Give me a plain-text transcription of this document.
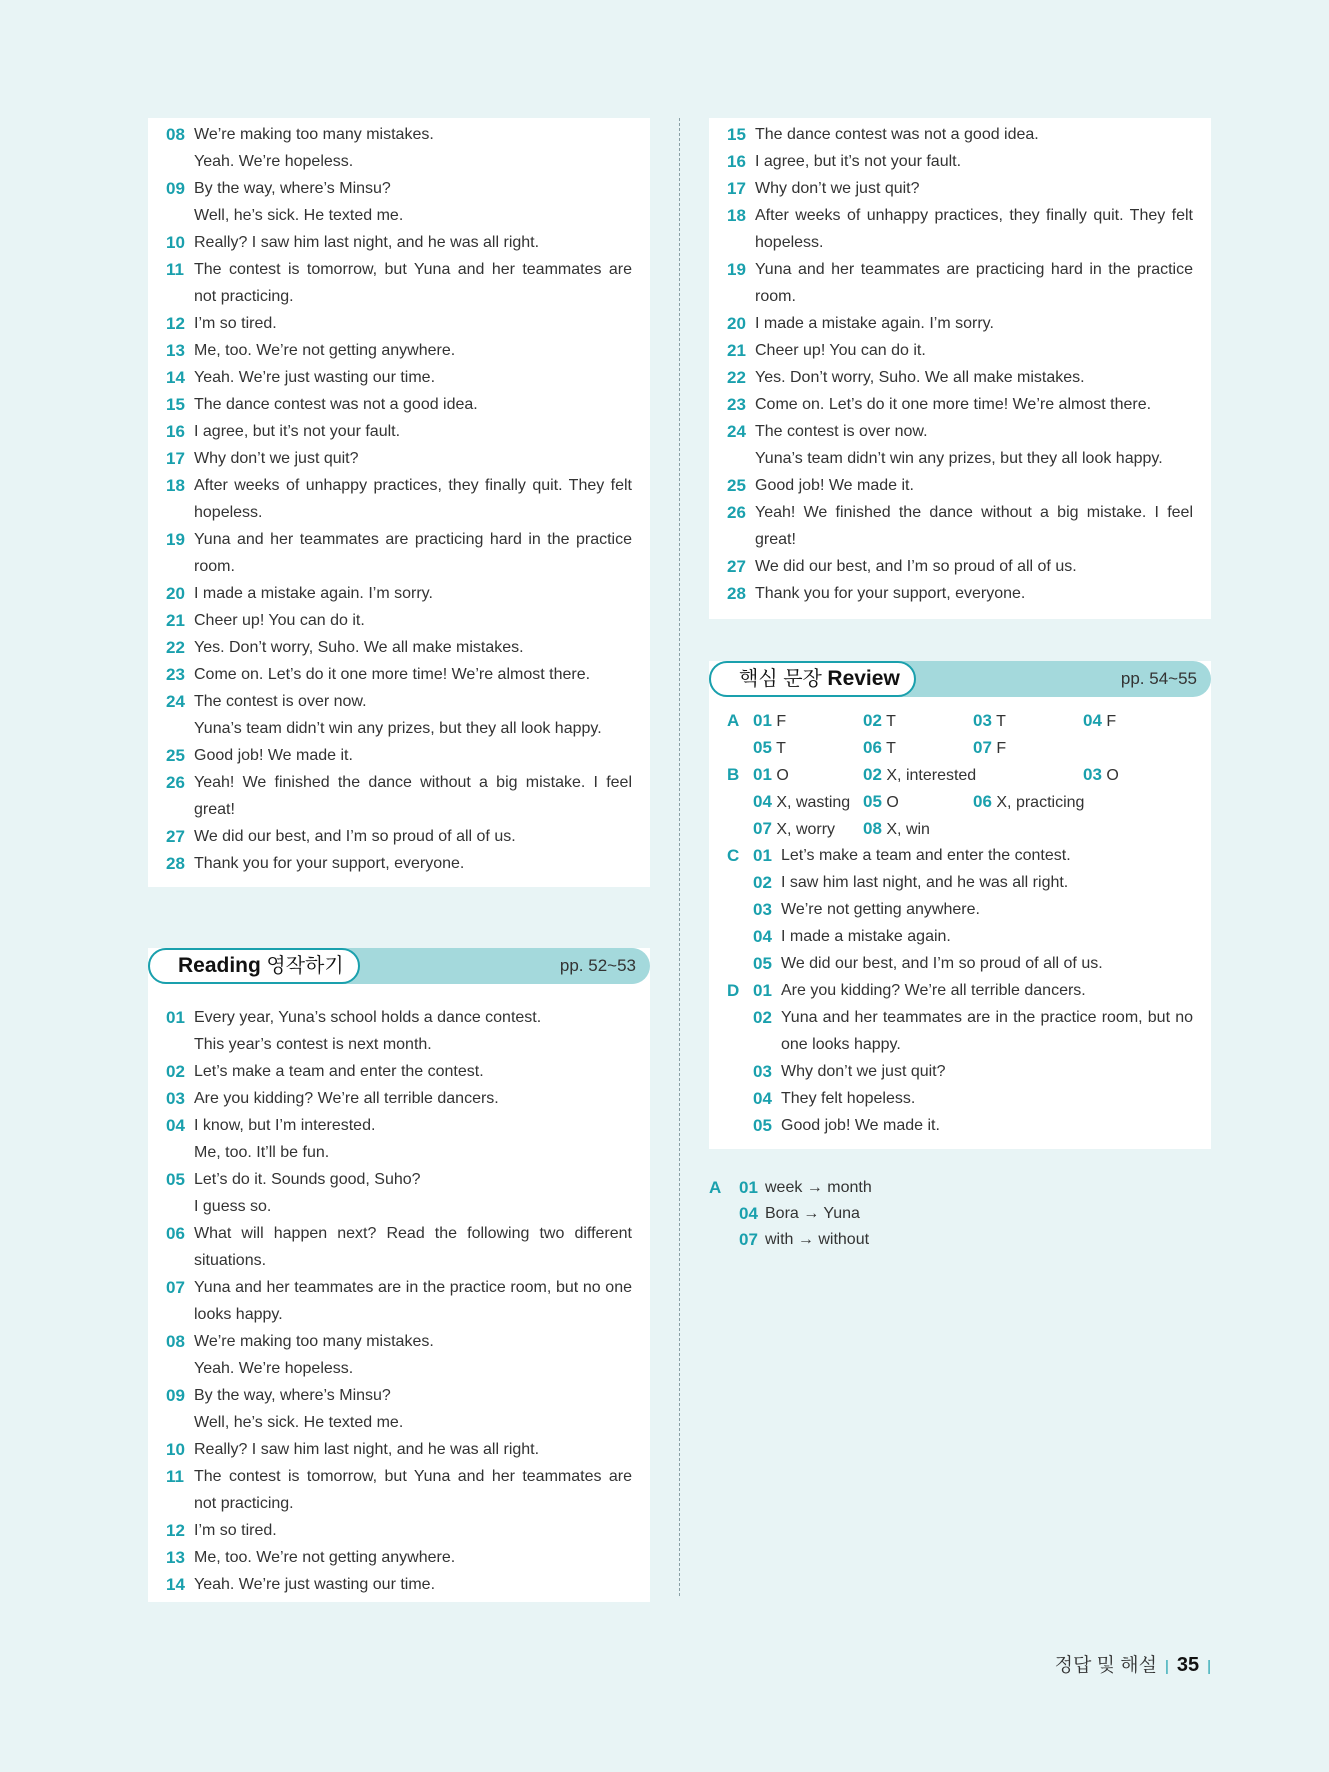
08 We’re making too many mistakes.
Yeah. We’re hopeless.
09 By the way, where’s Minsu?
Well, he’s sick. He texted me.
10 Really? I saw him last night, and he was all right.
11 The contest is tomorrow, but Yuna and her teammates are not practicing.
12 I’m so tired.
13 Me, too. We’re not getting anywhere.
14 Yeah. We’re just wasting our time.
15 The dance contest was not a good idea.
16 I agree, but it’s not your fault.
17 Why don’t we just quit?
18 After weeks of unhappy practices, they finally quit. They felt hopeless.
19 Yuna and her teammates are practicing hard in the practice room.
20 I made a mistake again. I’m sorry.
21 Cheer up! You can do it.
22 Yes. Don’t worry, Suho. We all make mistakes.
23 Come on. Let’s do it one more time! We’re almost there.
24 The contest is over now.
Yuna’s team didn’t win any prizes, but they all look happy.
25 Good job! We made it.
26 Yeah! We finished the dance without a big mistake. I feel great!
27 We did our best, and I’m so proud of all of us.
28 Thank you for your support, everyone.
Reading 영작하기	pp. 52~53
01 Every year, Yuna’s school holds a dance contest.
This year’s contest is next month.
02 Let’s make a team and enter the contest.
03 Are you kidding? We’re all terrible dancers.
04 I know, but I’m interested.
Me, too. It’ll be fun.
05 Let’s do it. Sounds good, Suho?
I guess so.
06 What will happen next? Read the following two different situations.
07 Yuna and her teammates are in the practice room, but no one looks happy.
08 We’re making too many mistakes.
Yeah. We’re hopeless.
09 By the way, where’s Minsu?
Well, he’s sick. He texted me.
10 Really? I saw him last night, and he was all right.
11 The contest is tomorrow, but Yuna and her teammates are not practicing.
12 I’m so tired.
13 Me, too. We’re not getting anywhere.
14 Yeah. We’re just wasting our time.
15 The dance contest was not a good idea.
16 I agree, but it’s not your fault.
17 Why don’t we just quit?
18 After weeks of unhappy practices, they finally quit. They felt hopeless.
19 Yuna and her teammates are practicing hard in the practice room.
20 I made a mistake again. I’m sorry.
21 Cheer up! You can do it.
22 Yes. Don’t worry, Suho. We all make mistakes.
23 Come on. Let’s do it one more time! We’re almost there.
24 The contest is over now.
Yuna’s team didn’t win any prizes, but they all look happy.
25 Good job! We made it.
26 Yeah! We finished the dance without a big mistake. I feel great!
27 We did our best, and I’m so proud of all of us.
28 Thank you for your support, everyone.
핵심 문장 Review	pp. 54~55
A 01 F	02 T	03 T	04 F
05 T	06 T	07 F
B 01 O	02 X, interested	03 O
04 X, wasting 05 O	06 X, practicing
07 X, worry 08 X, win
C 01 Let’s make a team and enter the contest.
02 I saw him last night, and he was all right.
03 We’re not getting anywhere.
04 I made a mistake again.
05 We did our best, and I’m so proud of all of us.
D 01 Are you kidding? We’re all terrible dancers.
02 Yuna and her teammates are in the practice room, but no one looks happy.
03 Why don’t we just quit?
04 They felt hopeless.
05 Good job! We made it.
A 01 week → month
04 Bora → Yuna
07 with → without
정답 및 해설 | 35 |
